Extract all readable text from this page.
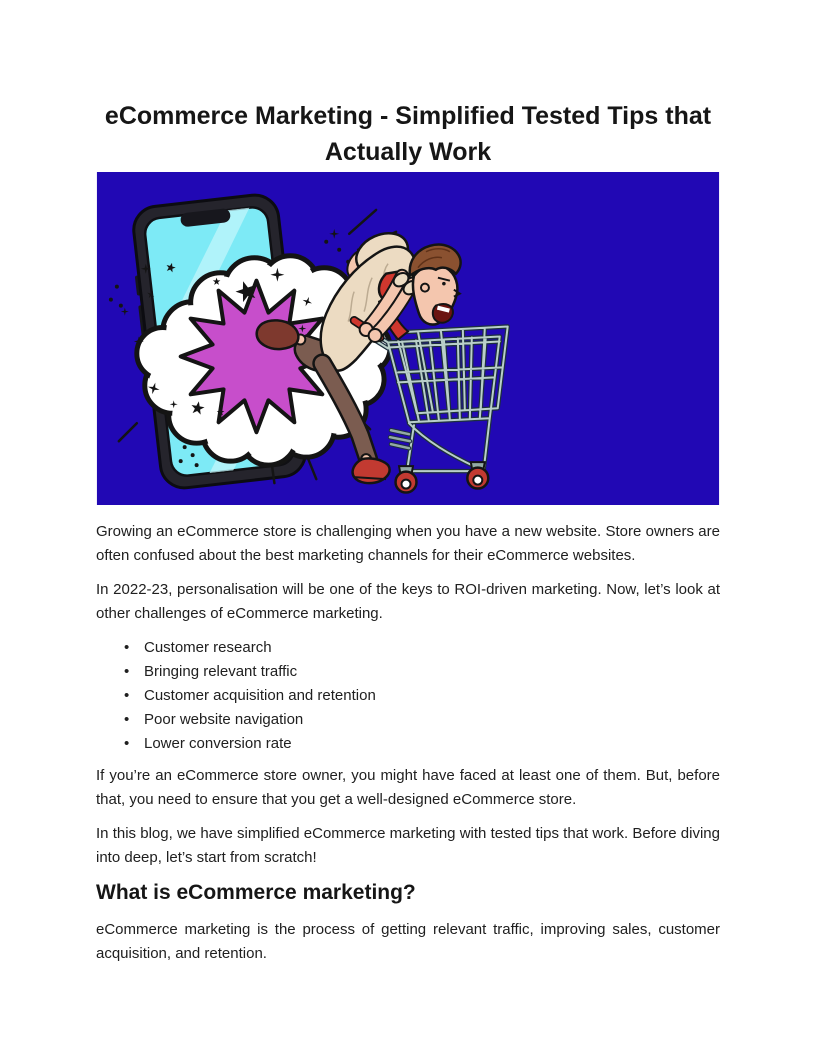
eCommerce Marketing - Simplified Tested Tips that
Actually Work

Growing an eCommerce store is challenging when you have a new website. Store owners are often confused about the best marketing channels for their eCommerce websites.

In 2022-23, personalisation will be one of the keys to ROI-driven marketing. Now, let’s look at other challenges of eCommerce marketing.

• Customer research
• Bringing relevant traffic
• Customer acquisition and retention
• Poor website navigation
• Lower conversion rate

If you’re an eCommerce store owner, you might have faced at least one of them. But, before that, you need to ensure that you get a well-designed eCommerce store.

In this blog, we have simplified eCommerce marketing with tested tips that work. Before diving into deep, let’s start from scratch!

What is eCommerce marketing?

eCommerce marketing is the process of getting relevant traffic, improving sales, customer acquisition, and retention.
